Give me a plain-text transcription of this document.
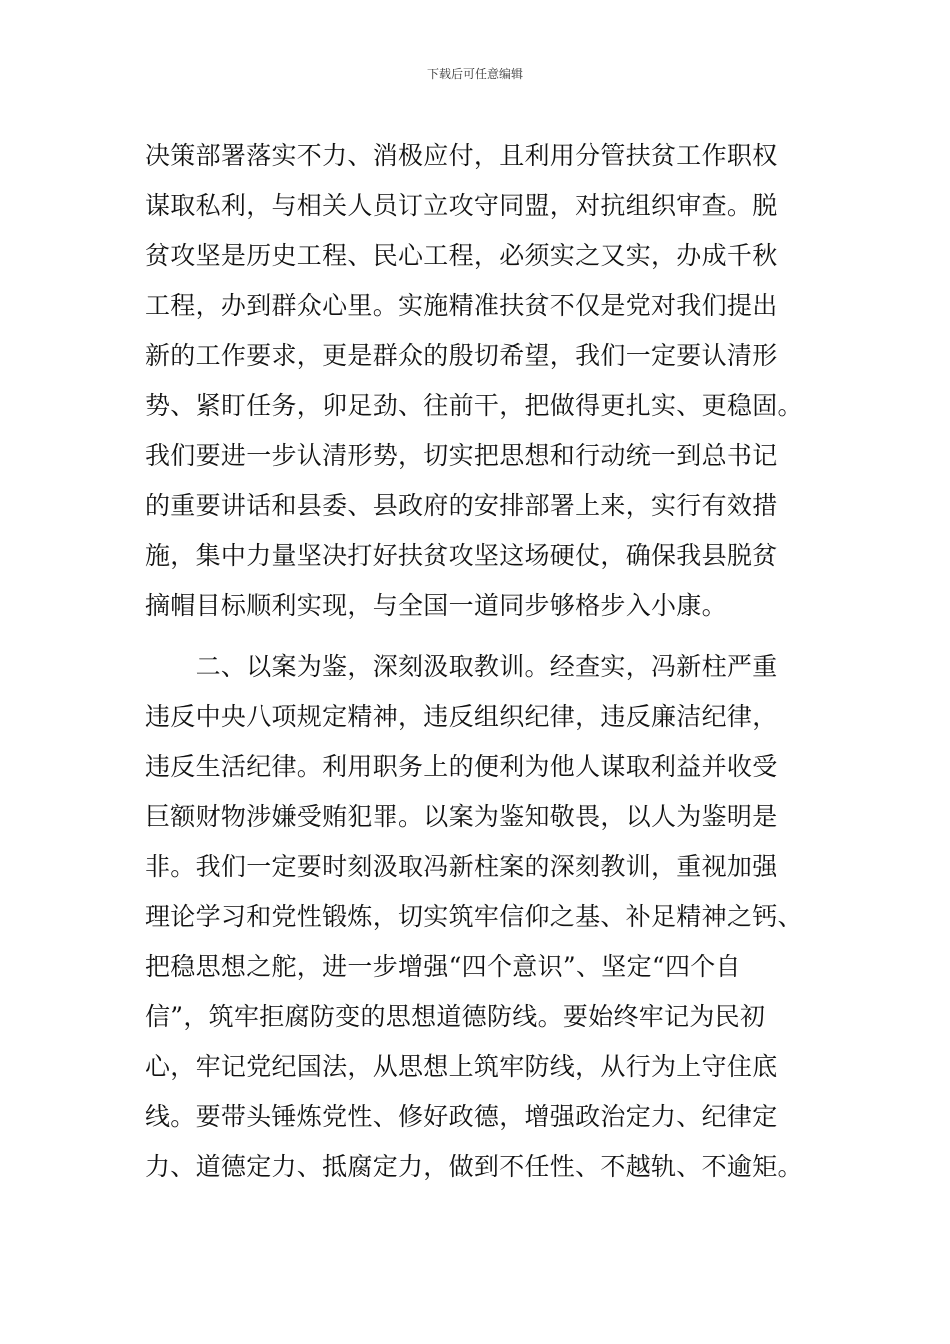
下载后可任意编辑
决策部署落实不力、消极应付，且利用分管扶贫工作职权
谋取私利，与相关人员订立攻守同盟，对抗组织审查。脱
贫攻坚是历史工程、民心工程，必须实之又实，办成千秋
工程，办到群众心里。实施精准扶贫不仅是党对我们提出
新的工作要求，更是群众的殷切希望，我们一定要认清形
势、紧盯任务，卯足劲、往前干，把做得更扎实、更稳固。
我们要进一步认清形势，切实把思想和行动统一到总书记
的重要讲话和县委、县政府的安排部署上来，实行有效措
施，集中力量坚决打好扶贫攻坚这场硬仗，确保我县脱贫
摘帽目标顺利实现，与全国一道同步够格步入小康。
　　二、以案为鉴，深刻汲取教训。经查实，冯新柱严重
违反中央八项规定精神，违反组织纪律，违反廉洁纪律，
违反生活纪律。利用职务上的便利为他人谋取利益并收受
巨额财物涉嫌受贿犯罪。以案为鉴知敬畏，以人为鉴明是
非。我们一定要时刻汲取冯新柱案的深刻教训，重视加强
理论学习和党性锻炼，切实筑牢信仰之基、补足精神之钙、
把稳思想之舵，进一步增强“四个意识”、坚定“四个自
信”，筑牢拒腐防变的思想道德防线。要始终牢记为民初
心，牢记党纪国法，从思想上筑牢防线，从行为上守住底
线。要带头锤炼党性、修好政德，增强政治定力、纪律定
力、道德定力、抵腐定力，做到不任性、不越轨、不逾矩。
